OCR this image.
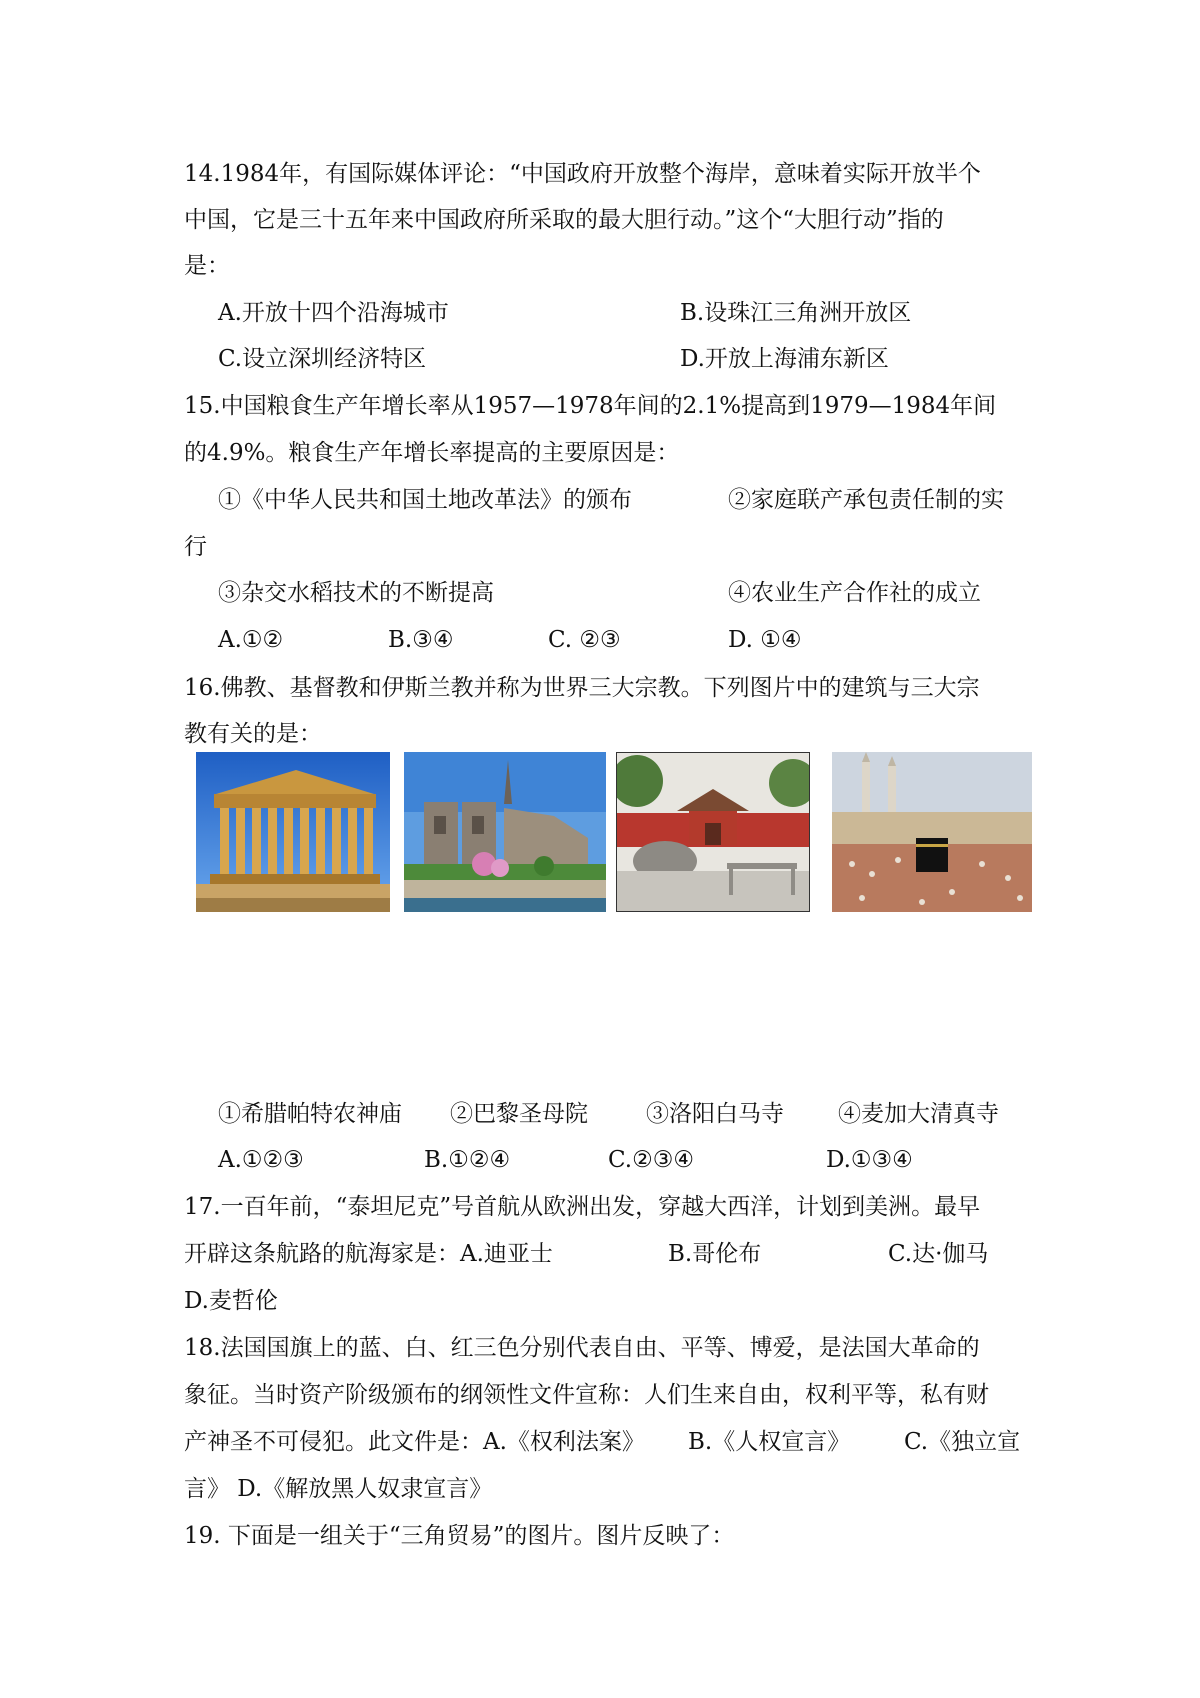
14.1984年，有国际媒体评论：“中国政府开放整个海岸，意味着实际开放半个
中国，它是三十五年来中国政府所采取的最大胆行动。”这个“大胆行动”指的
是：
A.开放十四个沿海城市	B.设珠江三角洲开放区
C.设立深圳经济特区	D.开放上海浦东新区
15.中国粮食生产年增长率从1957—1978年间的2.1%提高到1979—1984年间
的4.9%。粮食生产年增长率提高的主要原因是：
①《中华人民共和国土地改革法》的颁布	②家庭联产承包责任制的实
行
③杂交水稻技术的不断提高	④农业生产合作社的成立
A.①②	B.③④	C. ②③	D. ①④
16.佛教、基督教和伊斯兰教并称为世界三大宗教。下列图片中的建筑与三大宗
教有关的是：
①希腊帕特农神庙 ②巴黎圣母院	③洛阳白马寺 ④麦加大清真寺
A.①②③	B.①②④	C.②③④	D.①③④
17.一百年前，“泰坦尼克”号首航从欧洲出发，穿越大西洋，计划到美洲。最早
开辟这条航路的航海家是：A.迪亚士	B.哥伦布	C.达·伽马
D.麦哲伦
18.法国国旗上的蓝、白、红三色分别代表自由、平等、博爱，是法国大革命的
象征。当时资产阶级颁布的纲领性文件宣称：人们生来自由，权利平等，私有财
产神圣不可侵犯。此文件是：A.《权利法案》	B.《人权宣言》 C.《独立宣
言》 D.《解放黑人奴隶宣言》
19. 下面是一组关于“三角贸易”的图片。图片反映了：
